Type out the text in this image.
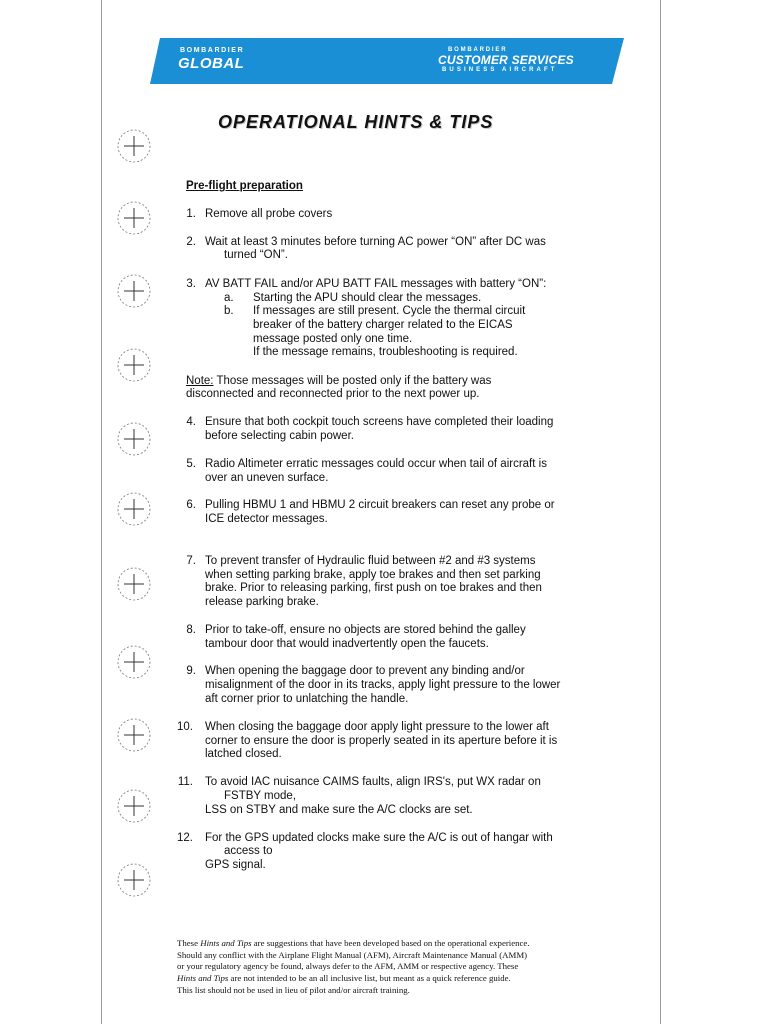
BOMBARDIER
GLOBAL
BOMBARDIER
CUSTOMER SERVICES
BUSINESS AIRCRAFT
OPERATIONAL HINTS & TIPS
Pre-flight preparation
1. Remove all probe covers
2. Wait at least 3 minutes before turning AC power “ON” after DC was
turned “ON”.
3. AV BATT FAIL and/or APU BATT FAIL messages with battery “ON”:
a. Starting the APU should clear the messages.
b. If messages are still present. Cycle the thermal circuit
breaker of the battery charger related to the EICAS
message posted only one time.
If the message remains, troubleshooting is required.
Note: Those messages will be posted only if the battery was
disconnected and reconnected prior to the next power up.
4. Ensure that both cockpit touch screens have completed their loading
before selecting cabin power.
5. Radio Altimeter erratic messages could occur when tail of aircraft is
over an uneven surface.
6. Pulling HBMU 1 and HBMU 2 circuit breakers can reset any probe or
ICE detector messages.
7. To prevent transfer of Hydraulic fluid between #2 and #3 systems
when setting parking brake, apply toe brakes and then set parking
brake. Prior to releasing parking, first push on toe brakes and then
release parking brake.
8. Prior to take-off, ensure no objects are stored behind the galley
tambour door that would inadvertently open the faucets.
9. When opening the baggage door to prevent any binding and/or
misalignment of the door in its tracks, apply light pressure to the lower
aft corner prior to unlatching the handle.
10. When closing the baggage door apply light pressure to the lower aft
corner to ensure the door is properly seated in its aperture before it is
latched closed.
11. To avoid IAC nuisance CAIMS faults, align IRS's, put WX radar on
FSTBY mode,
LSS on STBY and make sure the A/C clocks are set.
12. For the GPS updated clocks make sure the A/C is out of hangar with
access to
GPS signal.
These Hints and Tips are suggestions that have been developed based on the operational experience.
Should any conflict with the Airplane Flight Manual (AFM), Aircraft Maintenance Manual (AMM)
or your regulatory agency be found, always defer to the AFM, AMM or respective agency. These
Hints and Tips are not intended to be an all inclusive list, but meant as a quick reference guide.
This list should not be used in lieu of pilot and/or aircraft training.
